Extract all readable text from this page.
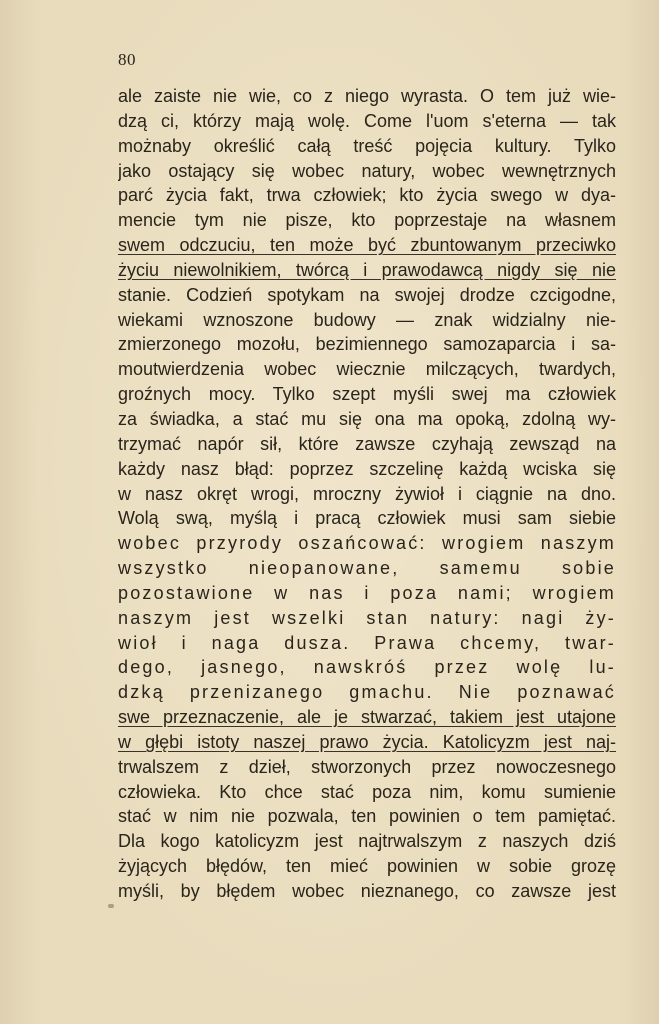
80
ale zaiste nie wie, co z niego wyrasta. O tem już wie-
dzą ci, którzy mają wolę. Come l'uom s'eterna — tak
możnaby określić całą treść pojęcia kultury. Tylko
jako ostający się wobec natury, wobec wewnętrznych
parć życia fakt, trwa człowiek; kto życia swego w dya-
mencie tym nie pisze, kto poprzestaje na własnem
swem odczuciu, ten może być zbuntowanym przeciwko
życiu niewolnikiem, twórcą i prawodawcą nigdy się nie
stanie. Codzień spotykam na swojej drodze czcigodne,
wiekami wznoszone budowy — znak widzialny nie-
zmierzonego mozołu, bezimiennego samozaparcia i sa-
moutwierdzenia wobec wiecznie milczących, twardych,
groźnych mocy. Tylko szept myśli swej ma człowiek
za świadka, a stać mu się ona ma opoką, zdolną wy-
trzymać napór sił, które zawsze czyhają zewsząd na
każdy nasz błąd: poprzez szczelinę każdą wciska się
w nasz okręt wrogi, mroczny żywioł i ciągnie na dno.
Wolą swą, myślą i pracą człowiek musi sam siebie
wobec przyrody oszańcować: wrogiem naszym
wszystko nieopanowane, samemu sobie
pozostawione w nas i poza nami; wrogiem
naszym jest wszelki stan natury: nagi ży-
wioł i naga dusza. Prawa chcemy, twar-
dego, jasnego, nawskróś przez wolę lu-
dzką przenizanego gmachu. Nie poznawać
swe przeznaczenie, ale je stwarzać, takiem jest utajone
w głębi istoty naszej prawo życia. Katolicyzm jest naj-
trwalszem z dzieł, stworzonych przez nowoczesnego
człowieka. Kto chce stać poza nim, komu sumienie
stać w nim nie pozwala, ten powinien o tem pamiętać.
Dla kogo katolicyzm jest najtrwalszym z naszych dziś
żyjących błędów, ten mieć powinien w sobie grozę
myśli, by błędem wobec nieznanego, co zawsze jest
